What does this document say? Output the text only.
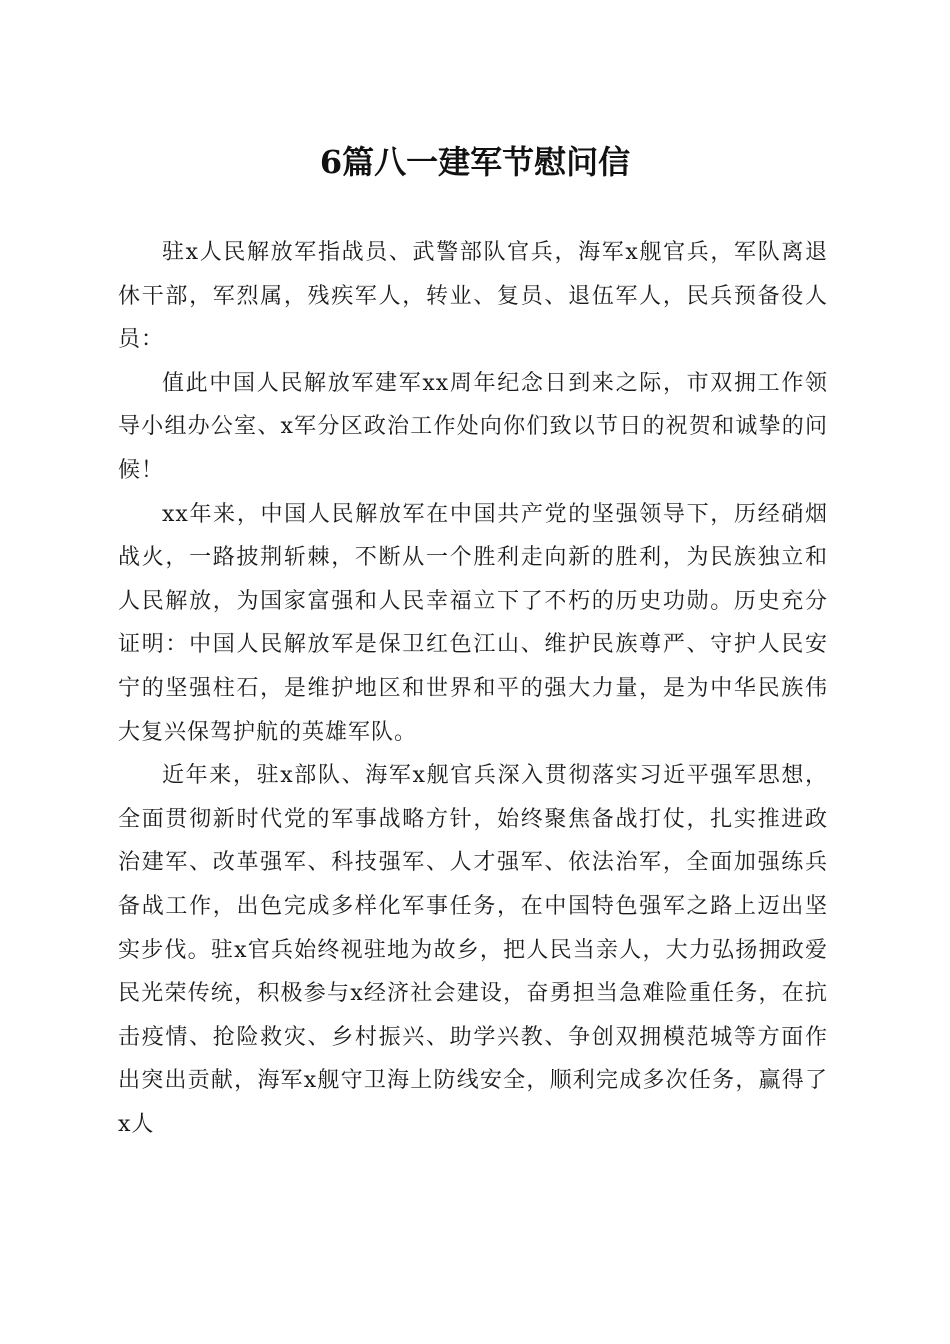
6篇八一建军节慰问信

驻x人民解放军指战员、武警部队官兵，海军x舰官兵，军队离退休干部，军烈属，残疾军人，转业、复员、退伍军人，民兵预备役人员：

值此中国人民解放军建军xx周年纪念日到来之际，市双拥工作领导小组办公室、x军分区政治工作处向你们致以节日的祝贺和诚挚的问候！

xx年来，中国人民解放军在中国共产党的坚强领导下，历经硝烟战火，一路披荆斩棘，不断从一个胜利走向新的胜利，为民族独立和人民解放，为国家富强和人民幸福立下了不朽的历史功勋。历史充分证明：中国人民解放军是保卫红色江山、维护民族尊严、守护人民安宁的坚强柱石，是维护地区和世界和平的强大力量，是为中华民族伟大复兴保驾护航的英雄军队。

近年来，驻x部队、海军x舰官兵深入贯彻落实习近平强军思想，全面贯彻新时代党的军事战略方针，始终聚焦备战打仗，扎实推进政治建军、改革强军、科技强军、人才强军、依法治军，全面加强练兵备战工作，出色完成多样化军事任务，在中国特色强军之路上迈出坚实步伐。驻x官兵始终视驻地为故乡，把人民当亲人，大力弘扬拥政爱民光荣传统，积极参与x经济社会建设，奋勇担当急难险重任务，在抗击疫情、抢险救灾、乡村振兴、助学兴教、争创双拥模范城等方面作出突出贡献，海军x舰守卫海上防线安全，顺利完成多次任务，赢得了x人
